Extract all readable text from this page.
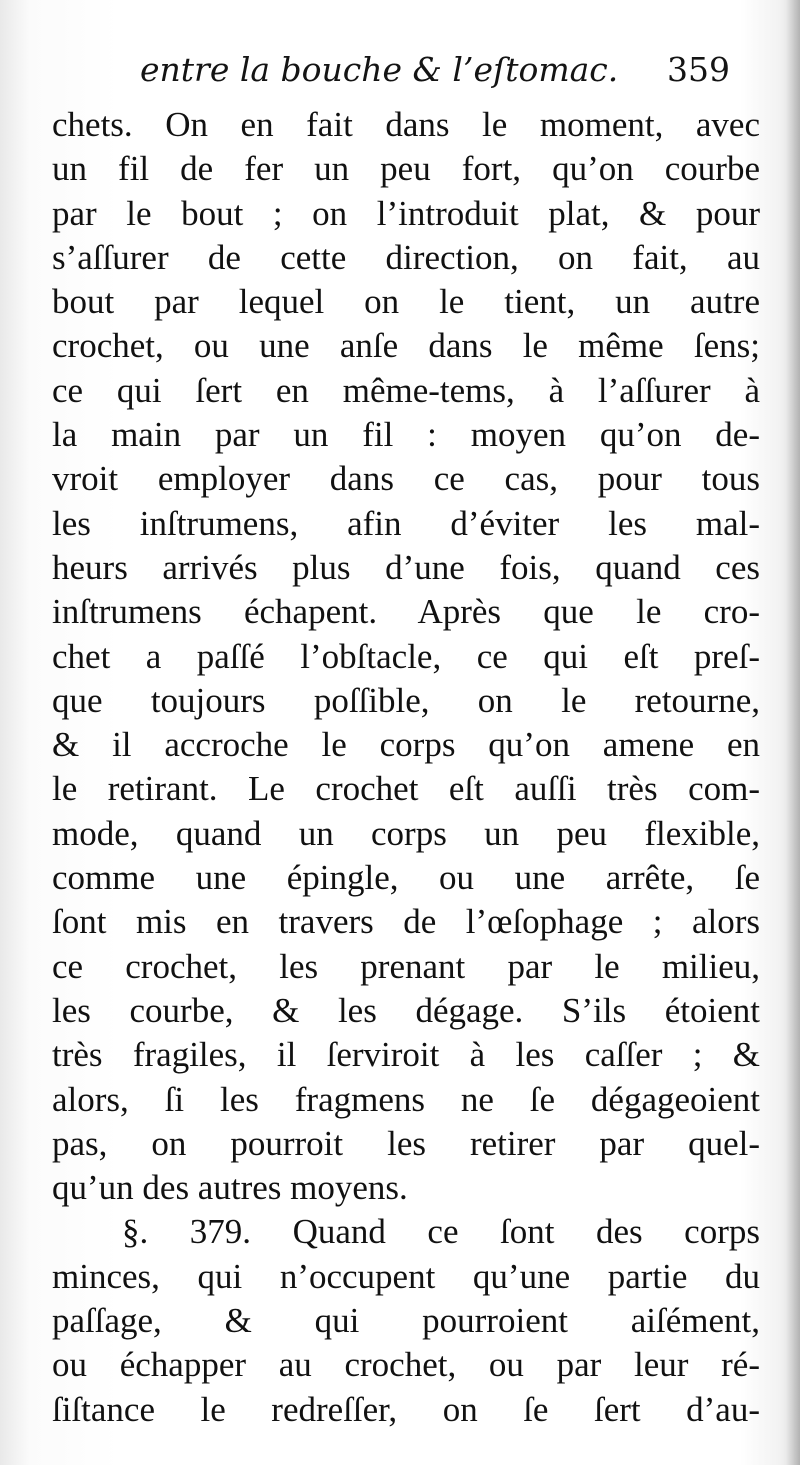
entre la bouche & l’eſtomac. 359
chets. On en fait dans le moment, avec
un fil de fer un peu fort, qu’on courbe
par le bout ; on l’introduit plat, & pour
s’aſſurer de cette direction, on fait, au
bout par lequel on le tient, un autre
crochet, ou une anſe dans le même ſens;
ce qui ſert en même-tems, à l’aſſurer à
la main par un fil : moyen qu’on de-
vroit employer dans ce cas, pour tous
les inſtrumens, afin d’éviter les mal-
heurs arrivés plus d’une fois, quand ces
inſtrumens échapent. Après que le cro-
chet a paſſé l’obſtacle, ce qui eſt preſ-
que toujours poſſible, on le retourne,
& il accroche le corps qu’on amene en
le retirant. Le crochet eſt auſſi très com-
mode, quand un corps un peu flexible,
comme une épingle, ou une arrête, ſe
ſont mis en travers de l’œſophage ; alors
ce crochet, les prenant par le milieu,
les courbe, & les dégage. S’ils étoient
très fragiles, il ſerviroit à les caſſer ; &
alors, ſi les fragmens ne ſe dégageoient
pas, on pourroit les retirer par quel-
qu’un des autres moyens.
§. 379. Quand ce ſont des corps
minces, qui n’occupent qu’une partie du
paſſage, & qui pourroient aiſément,
ou échapper au crochet, ou par leur ré-
ſiſtance le redreſſer, on ſe ſert d’au-
